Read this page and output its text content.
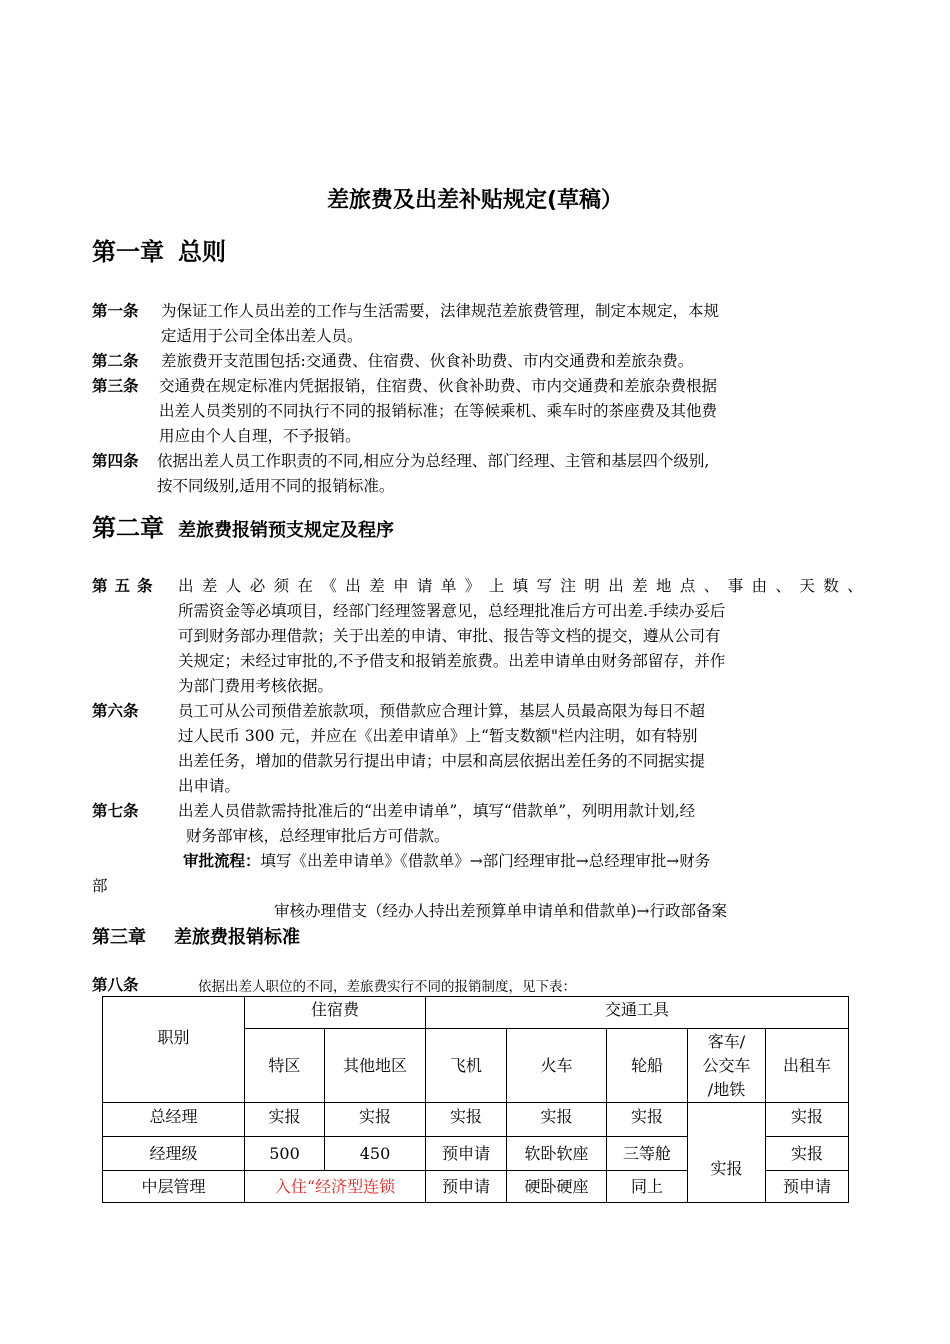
差旅费及出差补贴规定(草稿）
第一章 总则
第一条 为保证工作人员出差的工作与生活需要，法律规范差旅费管理，制定本规定，本规
定适用于公司全体出差人员。
第二条 差旅费开支范围包括:交通费、住宿费、伙食补助费、市内交通费和差旅杂费。
第三条 交通费在规定标准内凭据报销，住宿费、伙食补助费、市内交通费和差旅杂费根据
出差人员类别的不同执行不同的报销标准；在等候乘机、乘车时的茶座费及其他费
用应由个人自理，不予报销。
第四条 依据出差人员工作职责的不同,相应分为总经理、部门经理、主管和基层四个级别,
按不同级别,适用不同的报销标准。
第二章 差旅费报销预支规定及程序
第五条 出差人必须在《出差申请单》上填写注明出差地点、事由、天数、
所需资金等必填项目，经部门经理签署意见，总经理批准后方可出差.手续办妥后
可到财务部办理借款；关于出差的申请、审批、报告等文档的提交，遵从公司有
关规定；未经过审批的,不予借支和报销差旅费。出差申请单由财务部留存，并作
为部门费用考核依据。
第六条	员工可从公司预借差旅款项，预借款应合理计算，基层人员最高限为每日不超
过人民币 300 元，并应在《出差申请单》上“暂支数额"栏内注明，如有特别
出差任务，增加的借款另行提出申请；中层和高层依据出差任务的不同据实提
出申请。
第七条	出差人员借款需持批准后的“出差申请单”，填写“借款单”，列明用款计划,经
财务部审核，总经理审批后方可借款。
审批流程：填写《出差申请单》《借款单》→部门经理审批→总经理审批→财务
部
审核办理借支（经办人持出差预算单申请单和借款单)→行政部备案
第三章 差旅费报销标准
第八条	依据出差人职位的不同，差旅费实行不同的报销制度，见下表：
职别	住宿费		交通工具				
	特区	其他地区	飞机	火车	轮船	客车/
公交车
/地铁	出租车
总经理	实报	实报	实报	实报	实报		实报
经理级	500	450	预申请	软卧软座	三等舱	实报	实报
中层管理	入住“经济型连锁		预申请	硬卧硬座	同上		预申请
